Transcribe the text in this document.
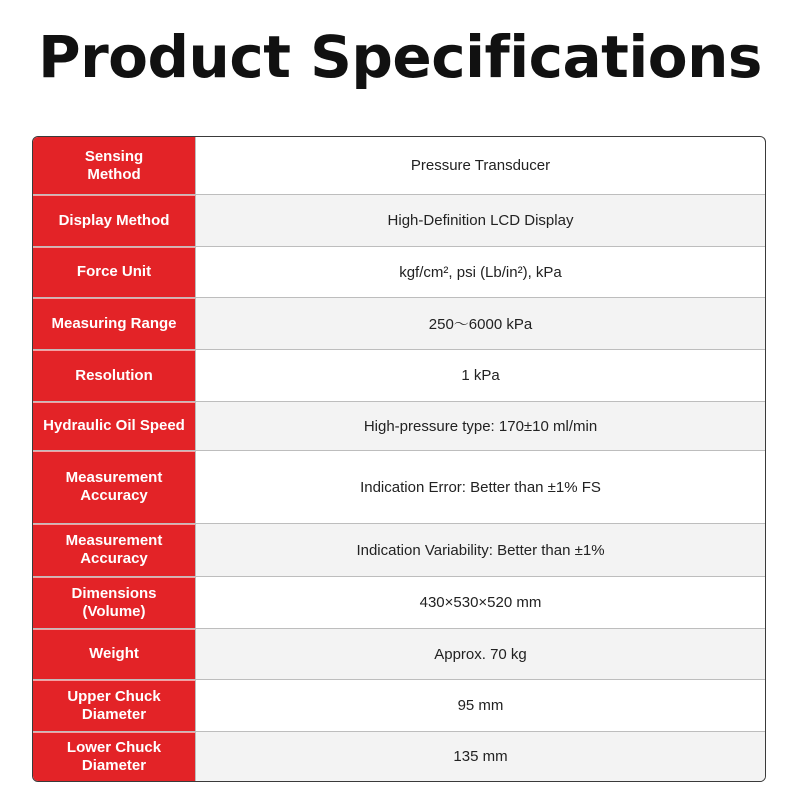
Product Specifications
Sensing
Method	Pressure Transducer
Display Method	High-Definition LCD Display
Force Unit	kgf/cm², psi (Lb/in²), kPa
Measuring Range	250～6000 kPa
Resolution	1 kPa
Hydraulic Oil Speed	High-pressure type: 170±10 ml/min
Measurement
Accuracy	Indication Error: Better than ±1% FS
Measurement
Accuracy	Indication Variability: Better than ±1%
Dimensions
(Volume)	430×530×520 mm
Weight	Approx. 70 kg
Upper Chuck
Diameter	95 mm
Lower Chuck
Diameter	135 mm
